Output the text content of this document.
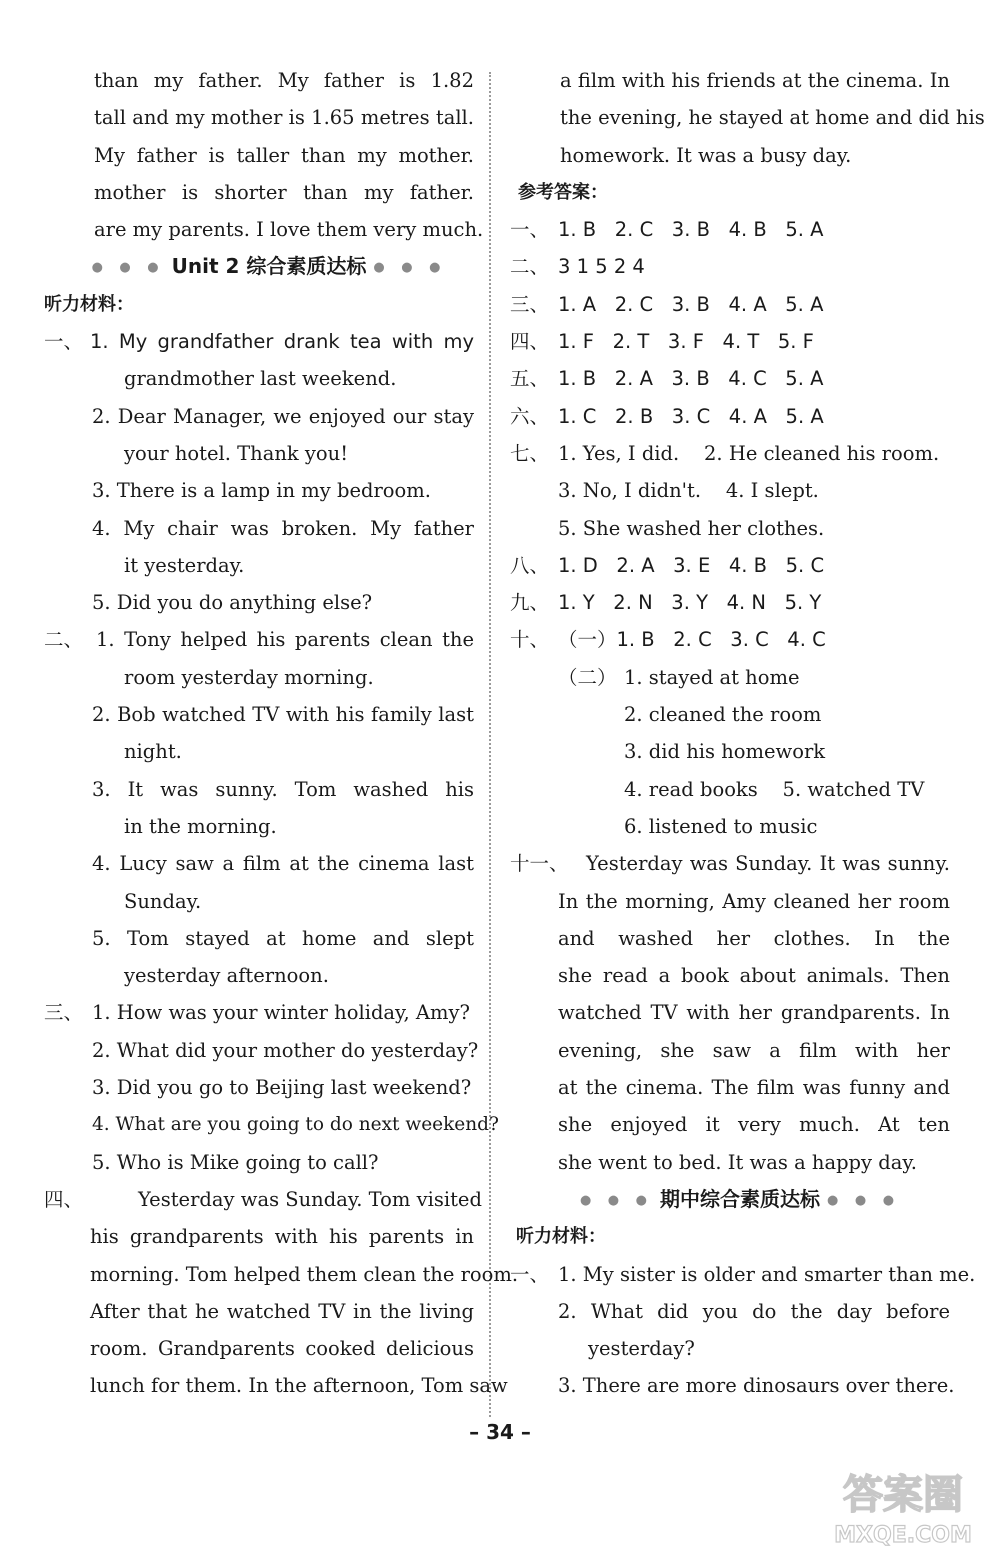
than my father. My father is 1.82
tall and my mother is 1.65 metres tall.
My father is taller than my mother.
mother is shorter than my father.
are my parents. I love them very much.
● ● ● Unit 2 综合素质达标 ● ● ●
听力材料：
一、 1. My grandfather drank tea with my
grandmother last weekend.
2. Dear Manager, we enjoyed our stay
your hotel. Thank you!
3. There is a lamp in my bedroom.
4. My chair was broken. My father
it yesterday.
5. Did you do anything else?
二、 1. Tony helped his parents clean the
room yesterday morning.
2. Bob watched TV with his family last
night.
3. It was sunny. Tom washed his
in the morning.
4. Lucy saw a film at the cinema last
Sunday.
5. Tom stayed at home and slept
yesterday afternoon.
三、 1. How was your winter holiday, Amy?
2. What did your mother do yesterday?
3. Did you go to Beijing last weekend?
4. What are you going to do next weekend?
5. Who is Mike going to call?
四、	Yesterday was Sunday. Tom visited
his grandparents with his parents in
morning. Tom helped them clean the room.
After that he watched TV in the living
room. Grandparents cooked delicious
lunch for them. In the afternoon, Tom saw
a film with his friends at the cinema. In
the evening, he stayed at home and did his
homework. It was a busy day.
参考答案：
一、 1. B   2. C   3. B   4. B   5. A
二、 3 1 5 2 4
三、 1. A   2. C   3. B   4. A   5. A
四、 1. F   2. T   3. F   4. T   5. F
五、 1. B   2. A   3. B   4. C   5. A
六、 1. C   2. B   3. C   4. A   5. A
七、 1. Yes, I did.    2. He cleaned his room.
3. No, I didn't.    4. I slept.
5. She washed her clothes.
八、 1. D   2. A   3. E   4. B   5. C
九、 1. Y   2. N   3. Y   4. N   5. Y
十、 （一）1. B   2. C   3. C   4. C
（二） 1. stayed at home
2. cleaned the room
3. did his homework
4. read books    5. watched TV
6. listened to music
十一、 Yesterday was Sunday. It was sunny.
In the morning, Amy cleaned her room
and washed her clothes. In the
she read a book about animals. Then
watched TV with her grandparents. In
evening, she saw a film with her
at the cinema. The film was funny and
she enjoyed it very much. At ten
she went to bed. It was a happy day.
● ● ● 期中综合素质达标 ● ● ●
听力材料：
一、 1. My sister is older and smarter than me.
2. What did you do the day before
yesterday?
3. There are more dinosaurs over there.
– 34 –
答案圈
MXQE.COM
